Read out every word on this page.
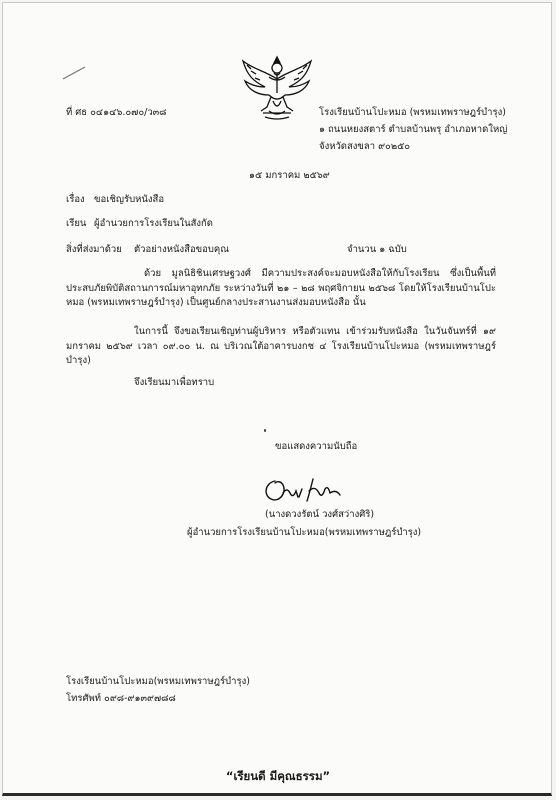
ที่ ศธ ๐๔๑๔๖.๐๗๐/ว๓๘	โรงเรียนบ้านโปะหมอ (พรหมเทพราษฎร์บำรุง)
๑ ถนนหยงสตาร์ ตำบลบ้านพรุ อำเภอหาดใหญ่
จังหวัดสงขลา ๙๐๒๕๐
๑๕ มกราคม ๒๕๖๙
เรื่อง ขอเชิญรับหนังสือ
เรียน ผู้อำนวยการโรงเรียนในสังกัด
สิ่งที่ส่งมาด้วย ตัวอย่างหนังสือขอบคุณ	จำนวน ๑ ฉบับ
ด้วย มูลนิธิชินเศรษฐวงศ์ มีความประสงค์จะมอบหนังสือให้กับโรงเรียน ซึ่งเป็นพื้นที่ประสบภัยพิบัติสถานการณ์มหาอุทกภัย ระหว่างวันที่ ๒๑ – ๒๘ พฤศจิกายน ๒๕๖๘ โดยให้โรงเรียนบ้านโปะหมอ (พรหมเทพราษฎร์บำรุง) เป็นศูนย์กลางประสานงานส่งมอบหนังสือ นั้น
ในการนี้ จึงขอเรียนเชิญท่านผู้บริหาร หรือตัวแทน เข้าร่วมรับหนังสือ ในวันจันทร์ที่ ๑๙ มกราคม ๒๕๖๙ เวลา ๐๙.๐๐ น. ณ บริเวณใต้อาคารบงกช ๔ โรงเรียนบ้านโปะหมอ (พรหมเทพราษฎร์บำรุง)
จึงเรียนมาเพื่อทราบ
ขอแสดงความนับถือ
(นางดวงรัตน์ วงศ์สว่างศิริ)
ผู้อำนวยการโรงเรียนบ้านโปะหมอ(พรหมเทพราษฎร์บำรุง)
โรงเรียนบ้านโปะหมอ(พรหมเทพราษฎร์บำรุง)
โทรศัพท์ ๐๙๘-๙๑๓๙๗๘๘
“เรียนดี มีคุณธรรม”
